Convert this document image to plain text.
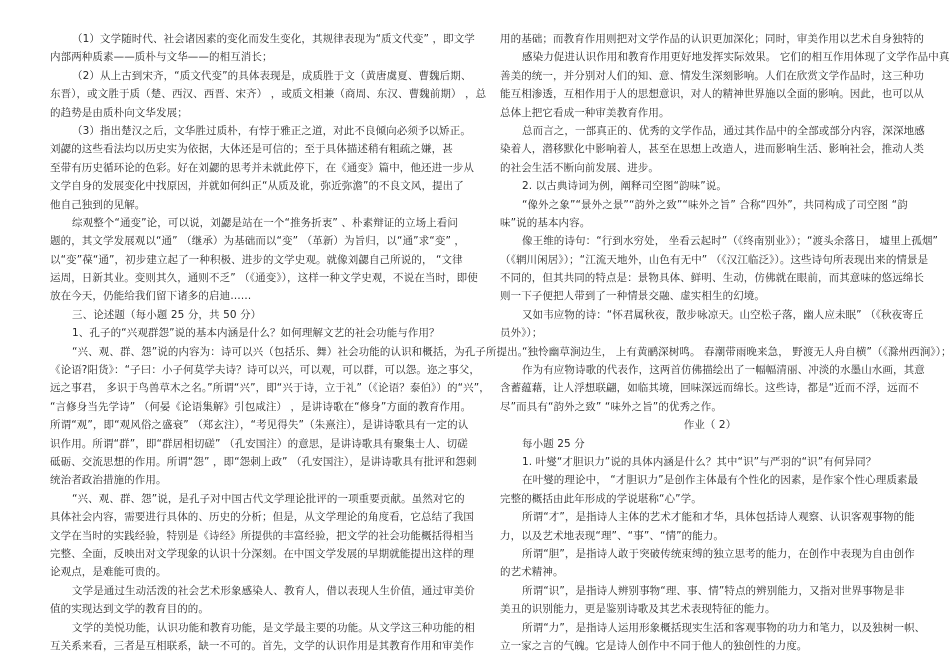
（1）文学随时代、社会诸因素的变化而发生变化，其规律表现为“质文代变” ，即文学
内部两种质素——质朴与文华——的相互消长；
（2）从上古到宋齐，“质文代变”的具体表现是，成质胜于文（黄唐虞夏、曹魏后期、
东晋），或文胜于质（楚、西汉、西晋、宋齐） ，或质文相兼（商周、东汉、曹魏前期） ，总
的趋势是由质朴向文华发展；
（3）指出楚汉之后，文华胜过质朴，有悖于雅正之道，对此不良倾向必须予以矫正。
刘勰的这些看法均以历史实为依据，大体还是可信的；至于具体描述稍有粗疏之嫌，甚
至带有历史循环论的色彩。好在刘勰的思考并未就此停下，在《通变》篇中，他还进一步从
文学自身的发展变化中找原因，并就如何纠正“从质及讹，弥近弥澹”的不良文风，提出了
他自己独到的见解。
综观整个“通变”论，可以说，刘勰是站在一个“推务折衷” 、朴素辩证的立场上看问
题的，其文学发展观以“通” （继承）为基础而以“变” （革新）为旨归，以“通”求“变” ，
以“变”葆“通”，初步建立起了一种积极、进步的文学史观。就像刘勰自己所说的， “文律
运周，日新其业。变则其久，通则不乏” （《通变》），这样一种文学史观，不说在当时，即使
放在今天，仍能给我们留下诸多的启迪……
三、论述题（每小题 25 分，共 50 分）
1、孔子的“兴观群怨”说的基本内涵是什么？如何理解文艺的社会功能与作用？
“兴、观、群、怨”说的内容为：诗可以兴（包括乐、舞）社会功能的认识和概括，为孔子所提出。
《论语?阳货》：“子曰：小子何莫学夫诗？诗可以兴，可以观，可以群，可以怨。迩之事父，
远之事君， 多识于鸟兽草木之名。”所谓“兴”，即“兴于诗，立于礼”（《论语？泰伯》）的“兴”，
“言修身当先学诗” （何晏《论语集解》引包咸注） ，是讲诗歌在“修身”方面的教育作用。
所谓“观”，即“观风俗之盛衰” （郑玄注），“考见得失”（朱熹注），是讲诗歌具有一定的认
识作用。所谓“群”，即“群居相切磋” （孔安国注）的意思，是讲诗歌具有聚集士人、切磋
砥砺、交流思想的作用。所谓“怨” ，即“怨刺上政” （孔安国注），是讲诗歌具有批评和怨刺
统治者政治措施的作用。
“兴、观、群、怨”说，是孔子对中国古代文学理论批评的一项重要贡献。虽然对它的
具体社会内容，需要进行具体的、历史的分析；但是，从文学理论的角度看，它总结了我国
文学在当时的实践经验，特别是《诗经》所提供的丰富经验，把文学的社会功能概括得相当
完整、全面，反映出对文学现象的认识十分深刻。在中国文学发展的早期就能提出这样的理
论观点，是难能可贵的。
文学是通过生动活泼的社会艺术形象感染人、教育人，借以表现人生价值，通过审美价
值的实现达到文学的教育目的的。
文学的美悦功能，认识功能和教育功能，是文学最主要的功能。从文学这三种功能的相
互关系来看，三者是互相联系，缺一不可的。首先，文学的认识作用是其教育作用和审美作
用的基础；而教育作用则把对文学作品的认识更加深化；同时，审美作用以艺术自身独特的
感染力促进认识作用和教育作用更好地发挥实际效果。 它们的相互作用体现了文学作品中真
善美的统一，并分别对人们的知、意、情发生深刻影响。人们在欣赏文学作品时，这三种功
能互相渗透，互相作用于人的思想意识，对人的精神世界施以全面的影响。因此，也可以从
总体上把它看成一种审美教育作用。
总而言之，一部真正的、优秀的文学作品，通过其作品中的全部或部分内容，深深地感
染着人，潜移默化中影响着人，甚至在思想上改造人，进而影响生活、影响社会，推动人类
的社会生活不断向前发展、进步。
2. 以古典诗词为例，阐释司空图“韵味”说。
“像外之象”“景外之景”“韵外之致”“味外之旨” 合称“四外”，共同构成了司空图 “韵
味”说的基本内容。
像王维的诗句：“行到水穷处， 坐看云起时”（《终南别业》）；“渡头余落日， 墟里上孤烟”
（《辋川闲居》）；“江流天地外，山色有无中” （《汉江临泛》）。这些诗句所表现出来的情景是
不同的，但其共同的特点是：景物具体、鲜明、生动，仿佛就在眼前，而其意味的悠远绵长
则一下子便把人带到了一种情景交融、虚实相生的幻境。
又如韦应物的诗：“怀君属秋夜，散步咏凉天。山空松子落，幽人应未眠” （《秋夜寄丘
员外》）；
“独怜幽草涧边生， 上有黄鹂深树鸣。 春潮带雨晚来急， 野渡无人舟自横”（《滁州西涧》）；
作为有应物诗歌的代表作，这两首仿佛描绘出了一幅幅清丽、冲淡的水墨山水画，其意
含蓄蕴藉，让人浮想联翩，如临其境，回味深远而绵长。这些诗，都是“近而不浮，远而不
尽”而具有“韵外之致” “味外之旨”的优秀之作。
作业（ 2）
每小题 25 分
1. 叶燮“才胆识力”说的具体内涵是什么？其中“识”与严羽的“识”有何异同？
在叶燮的理论中， “才胆识力”是创作主体最有个性化的因素，是作家个性心理质素最
完整的概括由此年形成的学说堪称“心”学。
所谓“才”，是指诗人主体的艺术才能和才华，具体包括诗人观察、认识客观事物的能
力，以及艺术地表现“理”、“事”、“情”的能力。
所谓“胆”，是指诗人敢于突破传统束缚的独立思考的能力，在创作中表现为自由创作
的艺术精神。
所谓“识”，是指诗人辨别事物“理、事、情”特点的辨别能力，又指对世界事物是非
美丑的识别能力，更是鉴别诗歌及其艺术表现特征的能力。
所谓“力”，是指诗人运用形象概括现实生活和客观事物的功力和笔力，以及独树一帜、
立一家之言的气魄。它是诗人创作中不同于他人的独创性的力度。
